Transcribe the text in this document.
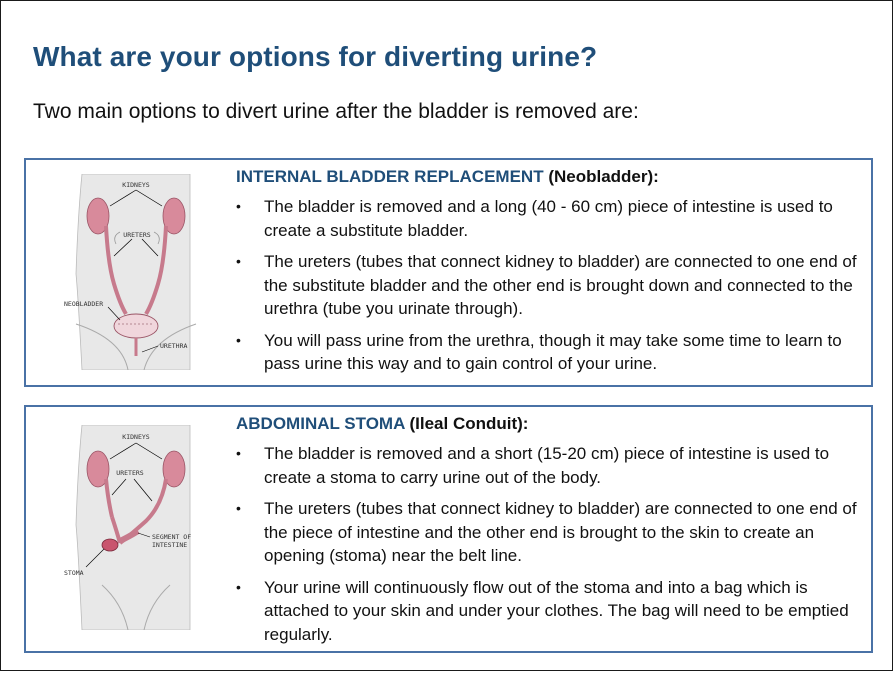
What are your options for diverting urine?

Two main options to divert urine after the bladder is removed are:

KIDNEYS
URETERS
NEOBLADDER
URETHRA

INTERNAL BLADDER REPLACEMENT (Neobladder):

• The bladder is removed and a long (40 - 60 cm) piece of intestine is used to create a substitute bladder.
• The ureters (tubes that connect kidney to bladder) are connected to one end of the substitute bladder and the other end is brought down and connected to the urethra (tube you urinate through).
• You will pass urine from the urethra, though it may take some time to learn to pass urine this way and to gain control of your urine.
KIDNEYS
URETERS
SEGMENT OF
INTESTINE
STOMA

ABDOMINAL STOMA (Ileal Conduit):

• The bladder is removed and a short (15-20 cm) piece of intestine is used to create a stoma to carry urine out of the body.
• The ureters (tubes that connect kidney to bladder) are connected to one end of the piece of intestine and the other end is brought to the skin to create an opening (stoma) near the belt line.
• Your urine will continuously flow out of the stoma and into a bag which is attached to your skin and under your clothes. The bag will need to be emptied regularly.
